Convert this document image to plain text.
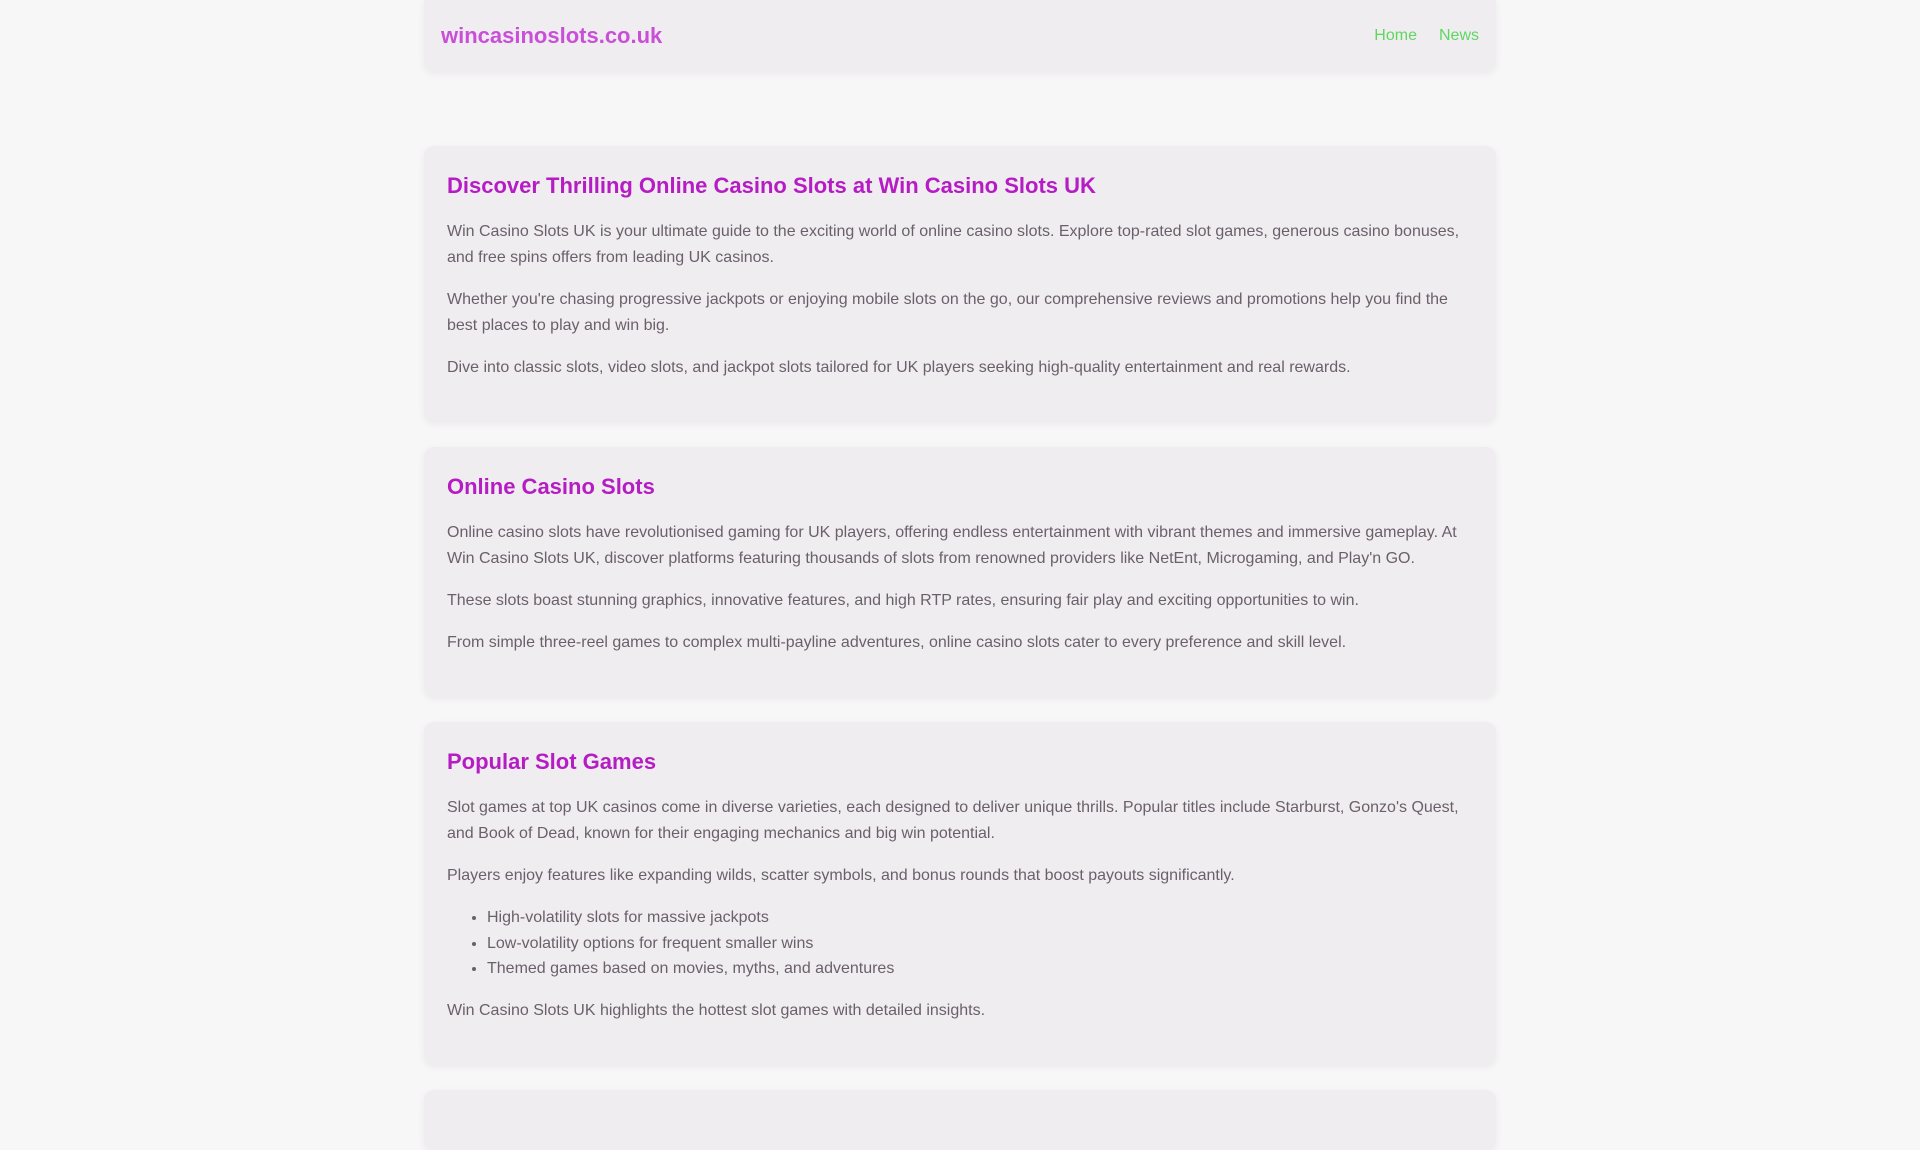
wincasinoslots.co.uk	Home News
Discover Thrilling Online Casino Slots at Win Casino Slots UK

Win Casino Slots UK is your ultimate guide to the exciting world of online casino slots. Explore top-rated slot games, generous casino bonuses, and free spins offers from leading UK casinos.

Whether you're chasing progressive jackpots or enjoying mobile slots on the go, our comprehensive reviews and promotions help you find the best places to play and win big.

Dive into classic slots, video slots, and jackpot slots tailored for UK players seeking high-quality entertainment and real rewards.

Online Casino Slots

Online casino slots have revolutionised gaming for UK players, offering endless entertainment with vibrant themes and immersive gameplay. At Win Casino Slots UK, discover platforms featuring thousands of slots from renowned providers like NetEnt, Microgaming, and Play'n GO.

These slots boast stunning graphics, innovative features, and high RTP rates, ensuring fair play and exciting opportunities to win.

From simple three-reel games to complex multi-payline adventures, online casino slots cater to every preference and skill level.

Popular Slot Games

Slot games at top UK casinos come in diverse varieties, each designed to deliver unique thrills. Popular titles include Starburst, Gonzo's Quest, and Book of Dead, known for their engaging mechanics and big win potential.

Players enjoy features like expanding wilds, scatter symbols, and bonus rounds that boost payouts significantly.

• High-volatility slots for massive jackpots
• Low-volatility options for frequent smaller wins
• Themed games based on movies, myths, and adventures

Win Casino Slots UK highlights the hottest slot games with detailed insights.
